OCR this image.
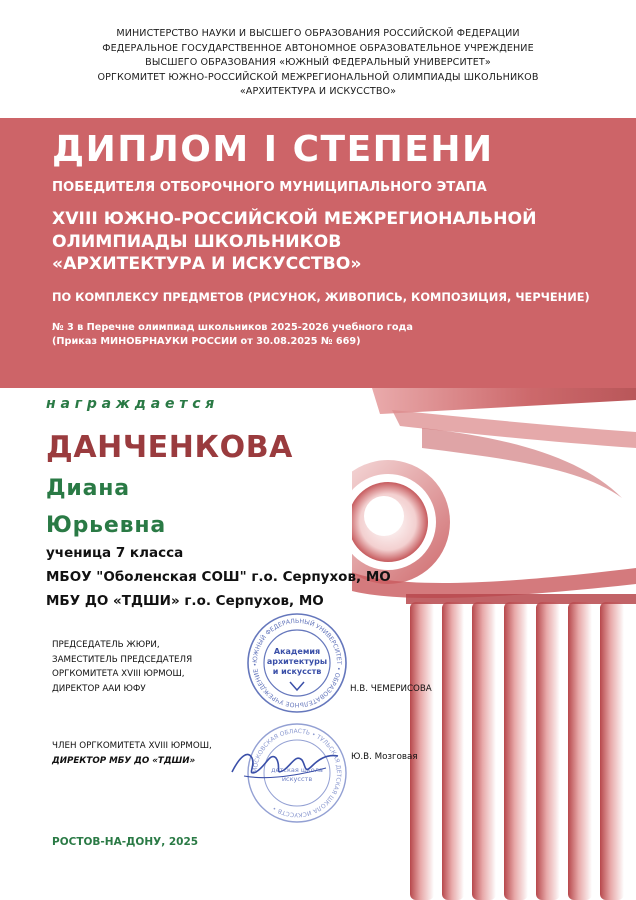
МИНИСТЕРСТВО НАУКИ И ВЫСШЕГО ОБРАЗОВАНИЯ РОССИЙСКОЙ ФЕДЕРАЦИИ
ФЕДЕРАЛЬНОЕ ГОСУДАРСТВЕННОЕ АВТОНОМНОЕ ОБРАЗОВАТЕЛЬНОЕ УЧРЕЖДЕНИЕ
ВЫСШЕГО ОБРАЗОВАНИЯ «ЮЖНЫЙ ФЕДЕРАЛЬНЫЙ УНИВЕРСИТЕТ»
ОРГКОМИТЕТ ЮЖНО-РОССИЙСКОЙ МЕЖРЕГИОНАЛЬНОЙ ОЛИМПИАДЫ ШКОЛЬНИКОВ
«АРХИТЕКТУРА И ИСКУССТВО»
ДИПЛОМ I СТЕПЕНИ
ПОБЕДИТЕЛЯ ОТБОРОЧНОГО МУНИЦИПАЛЬНОГО ЭТАПА
XVIII ЮЖНО-РОССИЙСКОЙ МЕЖРЕГИОНАЛЬНОЙ
ОЛИМПИАДЫ ШКОЛЬНИКОВ
«АРХИТЕКТУРА И ИСКУССТВО»
ПО КОМПЛЕКСУ ПРЕДМЕТОВ (РИСУНОК, ЖИВОПИСЬ, КОМПОЗИЦИЯ, ЧЕРЧЕНИЕ)
№ 3 в Перечне олимпиад школьников 2025-2026 учебного года
(Приказ МИНОБРНАУКИ РОССИИ от 30.08.2025 № 669)
награждается
ДАНЧЕНКОВА
Диана
Юрьевна
ученица 7 класса
МБОУ "Оболенская СОШ" г.о. Серпухов, МО
МБУ ДО «ТДШИ» г.о. Серпухов, МО
ПРЕДСЕДАТЕЛЬ ЖЮРИ,
ЗАМЕСТИТЕЛЬ ПРЕДСЕДАТЕЛЯ
ОРГКОМИТЕТА XVIII ЮРМОШ,
ДИРЕКТОР ААИ ЮФУ	Н.В. ЧЕМЕРИСОВА
ЧЛЕН ОРГКОМИТЕТА XVIII ЮРМОШ,
ДИРЕКТОР МБУ ДО «ТДШИ»	Ю.В. Мозговая
ЮЖНЫЙ ФЕДЕРАЛЬНЫЙ УНИВЕРСИТЕТ • ОБРАЗОВАТЕЛЬНОЕ УЧРЕЖДЕНИЕ •
Академия
архитектуры
и искусств
МОСКОВСКАЯ ОБЛАСТЬ • ТУЛЬСКАЯ ДЕТСКАЯ ШКОЛА ИСКУССТВ •
детская школа
искусств
РОСТОВ-НА-ДОНУ, 2025
